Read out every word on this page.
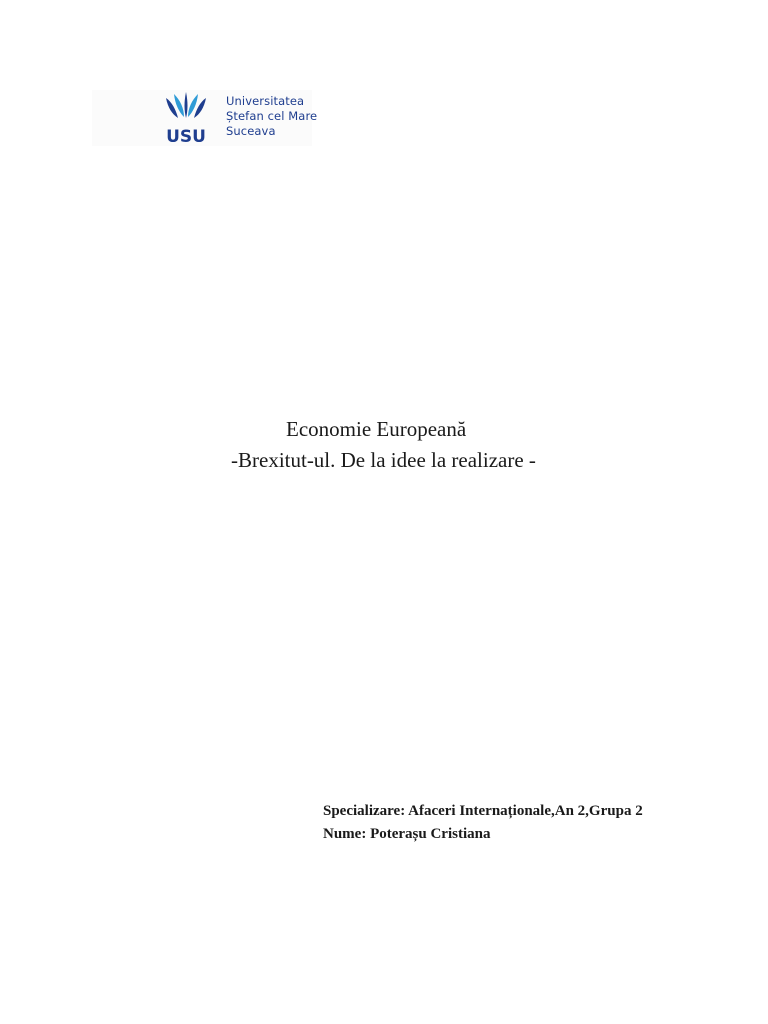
USU
Universitatea
Ștefan cel Mare
Suceava
Economie Europeană
-Brexitut-ul. De la idee la realizare -
Specializare: Afaceri Internaționale,An 2,Grupa 2
Nume: Poterașu Cristiana
